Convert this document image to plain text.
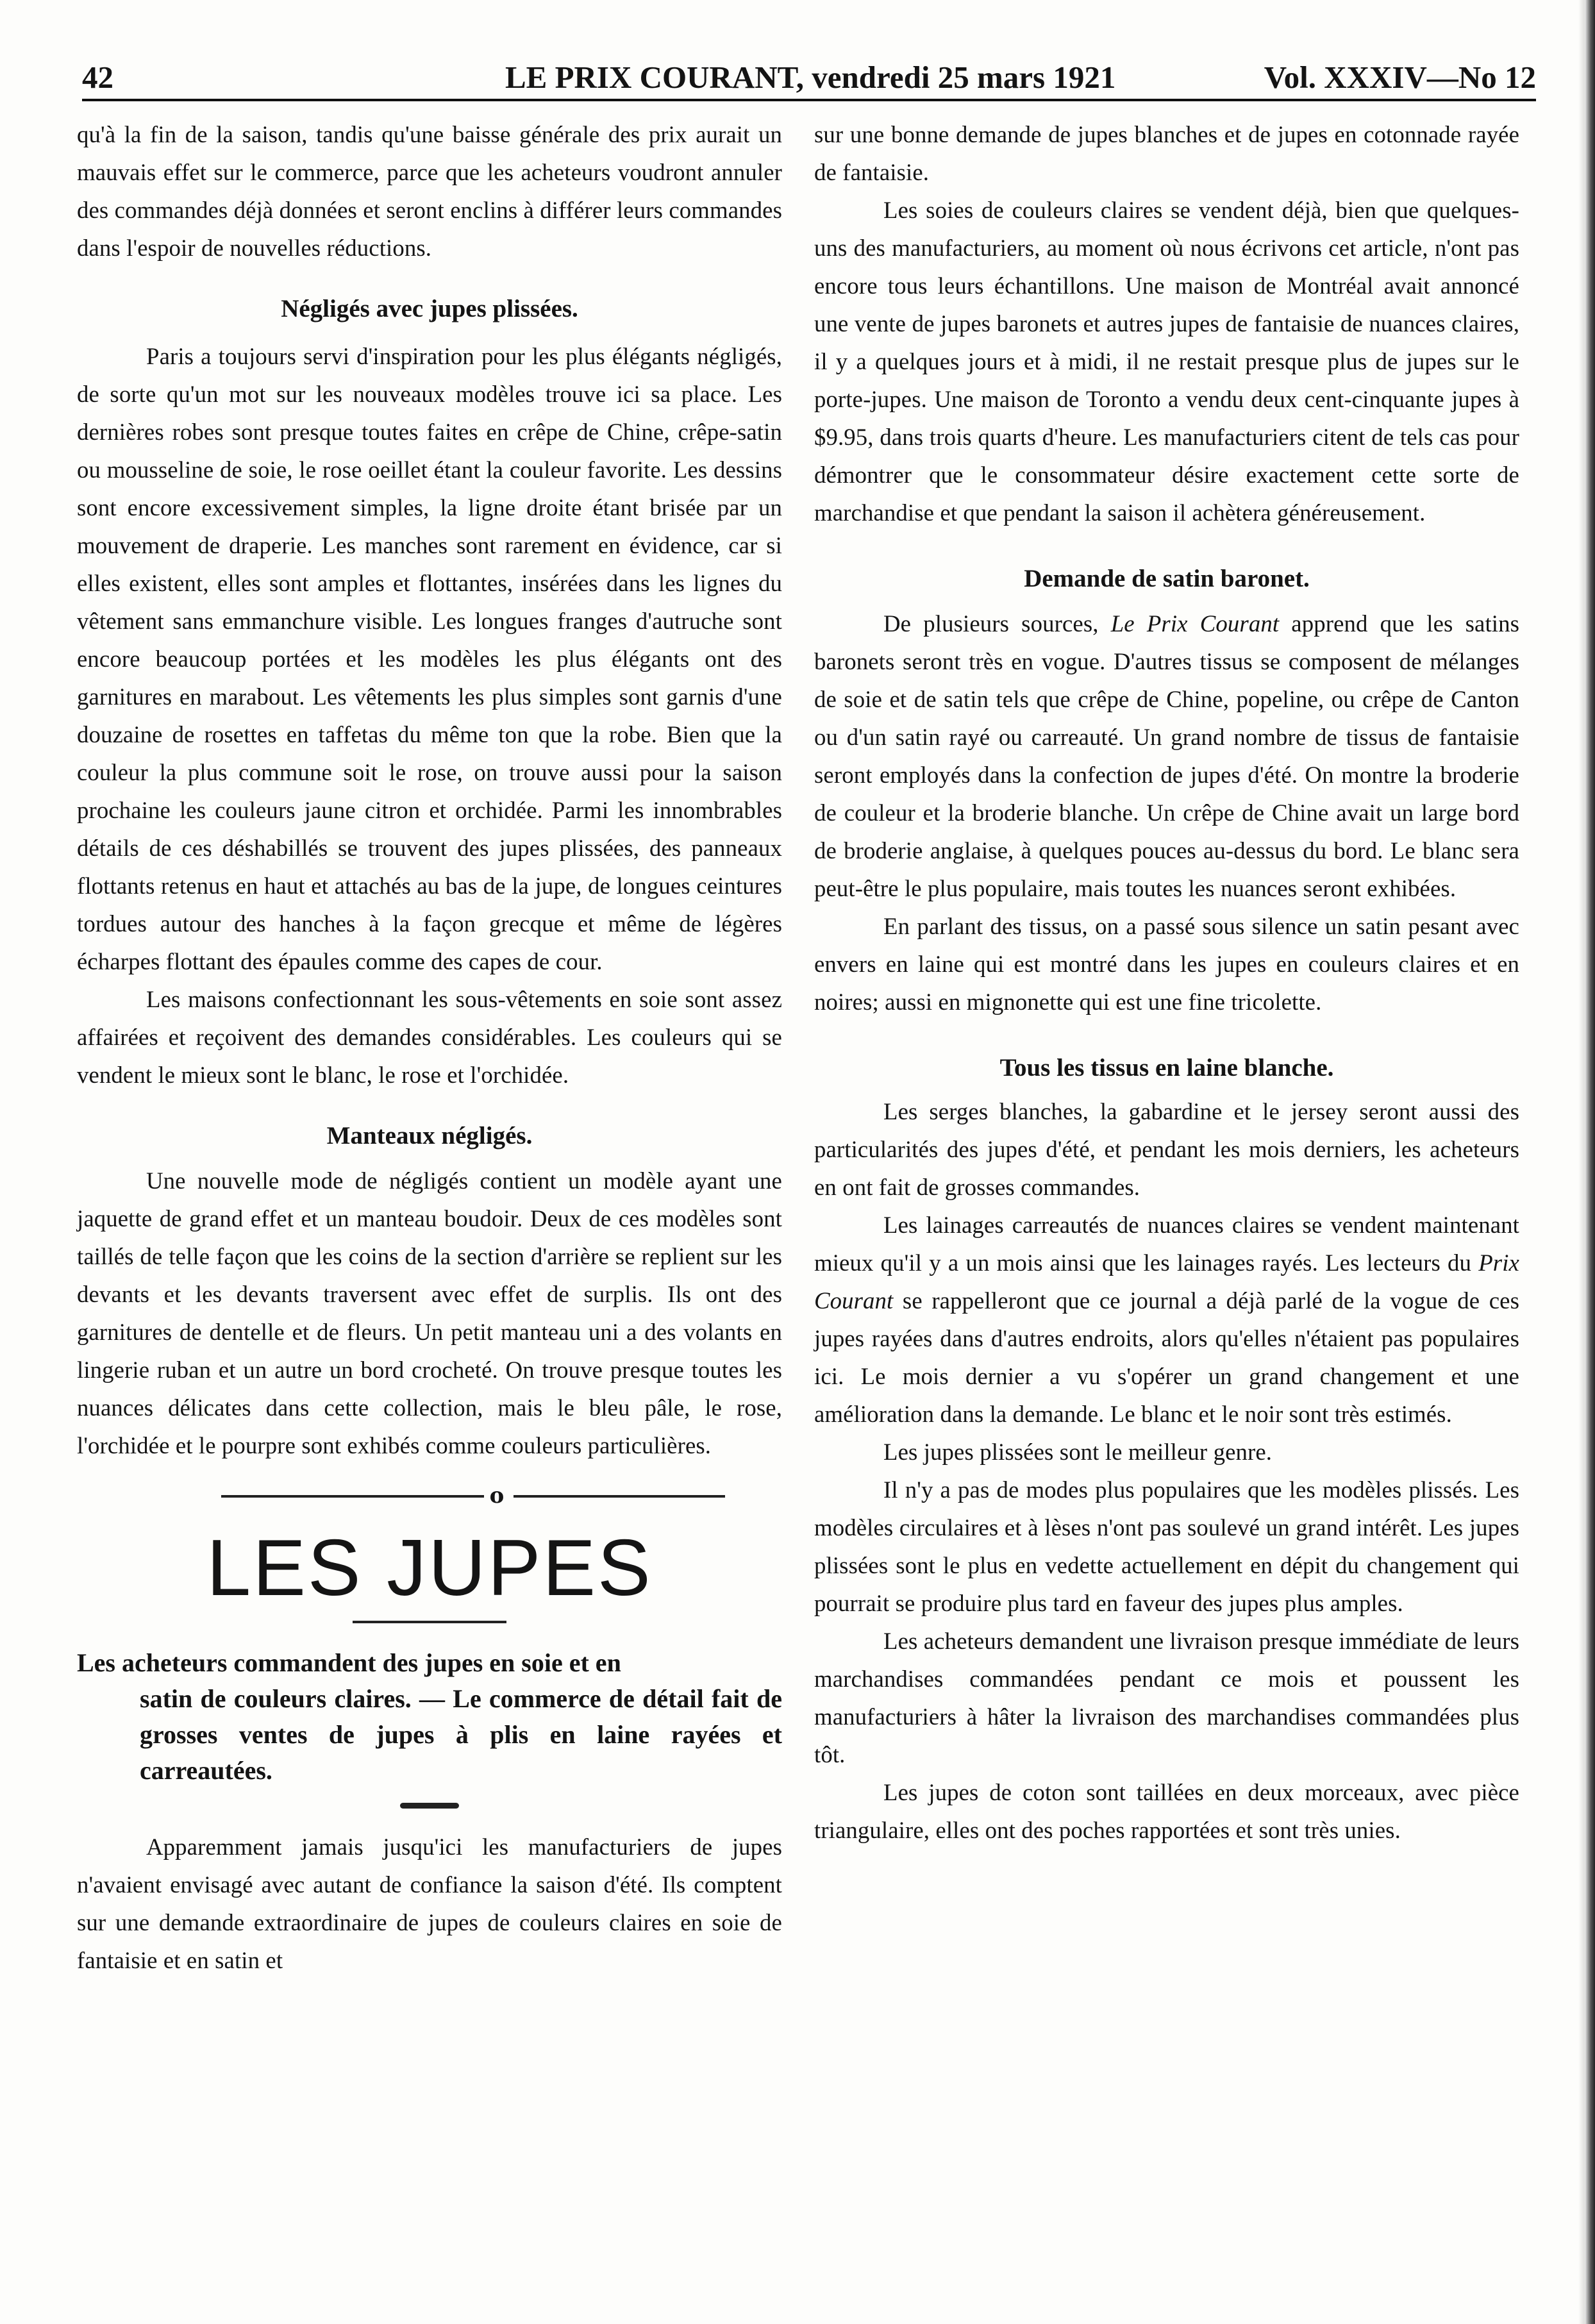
42	LE PRIX COURANT, vendredi 25 mars 1921	Vol. XXXIV—No 12

qu'à la fin de la saison, tandis qu'une baisse générale des prix aurait un mauvais effet sur le commerce, parce que les acheteurs voudront annuler des commandes déjà données et seront enclins à différer leurs commandes dans l'espoir de nouvelles réductions.

Négligés avec jupes plissées.

Paris a toujours servi d'inspiration pour les plus élégants négligés, de sorte qu'un mot sur les nouveaux modèles trouve ici sa place. Les dernières robes sont presque toutes faites en crêpe de Chine, crêpe-satin ou mousseline de soie, le rose oeillet étant la couleur favorite. Les dessins sont encore excessivement simples, la ligne droite étant brisée par un mouvement de draperie. Les manches sont rarement en évidence, car si elles existent, elles sont amples et flottantes, insérées dans les lignes du vêtement sans emmanchure visible. Les longues franges d'autruche sont encore beaucoup portées et les modèles les plus élégants ont des garnitures en marabout. Les vêtements les plus simples sont garnis d'une douzaine de rosettes en taffetas du même ton que la robe. Bien que la couleur la plus commune soit le rose, on trouve aussi pour la saison prochaine les couleurs jaune citron et orchidée. Parmi les innombrables détails de ces déshabillés se trouvent des jupes plissées, des panneaux flottants retenus en haut et attachés au bas de la jupe, de longues ceintures tordues autour des hanches à la façon grecque et même de légères écharpes flottant des épaules comme des capes de cour.

Les maisons confectionnant les sous-vêtements en soie sont assez affairées et reçoivent des demandes considérables. Les couleurs qui se vendent le mieux sont le blanc, le rose et l'orchidée.

Manteaux négligés.

Une nouvelle mode de négligés contient un modèle ayant une jaquette de grand effet et un manteau boudoir. Deux de ces modèles sont taillés de telle façon que les coins de la section d'arrière se replient sur les devants et les devants traversent avec effet de surplis. Ils ont des garnitures de dentelle et de fleurs. Un petit manteau uni a des volants en lingerie ruban et un autre un bord crocheté. On trouve presque toutes les nuances délicates dans cette collection, mais le bleu pâle, le rose, l'orchidée et le pourpre sont exhibés comme couleurs particulières.

o
LES JUPES
Les acheteurs commandent des jupes en soie et en
satin de couleurs claires. — Le commerce de détail fait de grosses ventes de jupes à plis en laine rayées et carreautées.

Apparemment jamais jusqu'ici les manufacturiers de jupes n'avaient envisagé avec autant de confiance la saison d'été. Ils comptent sur une demande extraordinaire de jupes de couleurs claires en soie de fantaisie et en satin et

sur une bonne demande de jupes blanches et de jupes en cotonnade rayée de fantaisie.

Les soies de couleurs claires se vendent déjà, bien que quelques-uns des manufacturiers, au moment où nous écrivons cet article, n'ont pas encore tous leurs échantillons. Une maison de Montréal avait annoncé une vente de jupes baronets et autres jupes de fantaisie de nuances claires, il y a quelques jours et à midi, il ne restait presque plus de jupes sur le porte-jupes. Une maison de Toronto a vendu deux cent-cinquante jupes à $9.95, dans trois quarts d'heure. Les manufacturiers citent de tels cas pour démontrer que le consommateur désire exactement cette sorte de marchandise et que pendant la saison il achètera généreusement.

Demande de satin baronet.

De plusieurs sources, Le Prix Courant apprend que les satins baronets seront très en vogue. D'autres tissus se composent de mélanges de soie et de satin tels que crêpe de Chine, popeline, ou crêpe de Canton ou d'un satin rayé ou carreauté. Un grand nombre de tissus de fantaisie seront employés dans la confection de jupes d'été. On montre la broderie de couleur et la broderie blanche. Un crêpe de Chine avait un large bord de broderie anglaise, à quelques pouces au-dessus du bord. Le blanc sera peut-être le plus populaire, mais toutes les nuances seront exhibées.

En parlant des tissus, on a passé sous silence un satin pesant avec envers en laine qui est montré dans les jupes en couleurs claires et en noires; aussi en mignonette qui est une fine tricolette.

Tous les tissus en laine blanche.

Les serges blanches, la gabardine et le jersey seront aussi des particularités des jupes d'été, et pendant les mois derniers, les acheteurs en ont fait de grosses commandes.

Les lainages carreautés de nuances claires se vendent maintenant mieux qu'il y a un mois ainsi que les lainages rayés. Les lecteurs du Prix Courant se rappelleront que ce journal a déjà parlé de la vogue de ces jupes rayées dans d'autres endroits, alors qu'elles n'étaient pas populaires ici. Le mois dernier a vu s'opérer un grand changement et une amélioration dans la demande. Le blanc et le noir sont très estimés.

Les jupes plissées sont le meilleur genre.

Il n'y a pas de modes plus populaires que les modèles plissés. Les modèles circulaires et à lèses n'ont pas soulevé un grand intérêt. Les jupes plissées sont le plus en vedette actuellement en dépit du changement qui pourrait se produire plus tard en faveur des jupes plus amples.

Les acheteurs demandent une livraison presque immédiate de leurs marchandises commandées pendant ce mois et poussent les manufacturiers à hâter la livraison des marchandises commandées plus tôt.

Les jupes de coton sont taillées en deux morceaux, avec pièce triangulaire, elles ont des poches rapportées et sont très unies.
